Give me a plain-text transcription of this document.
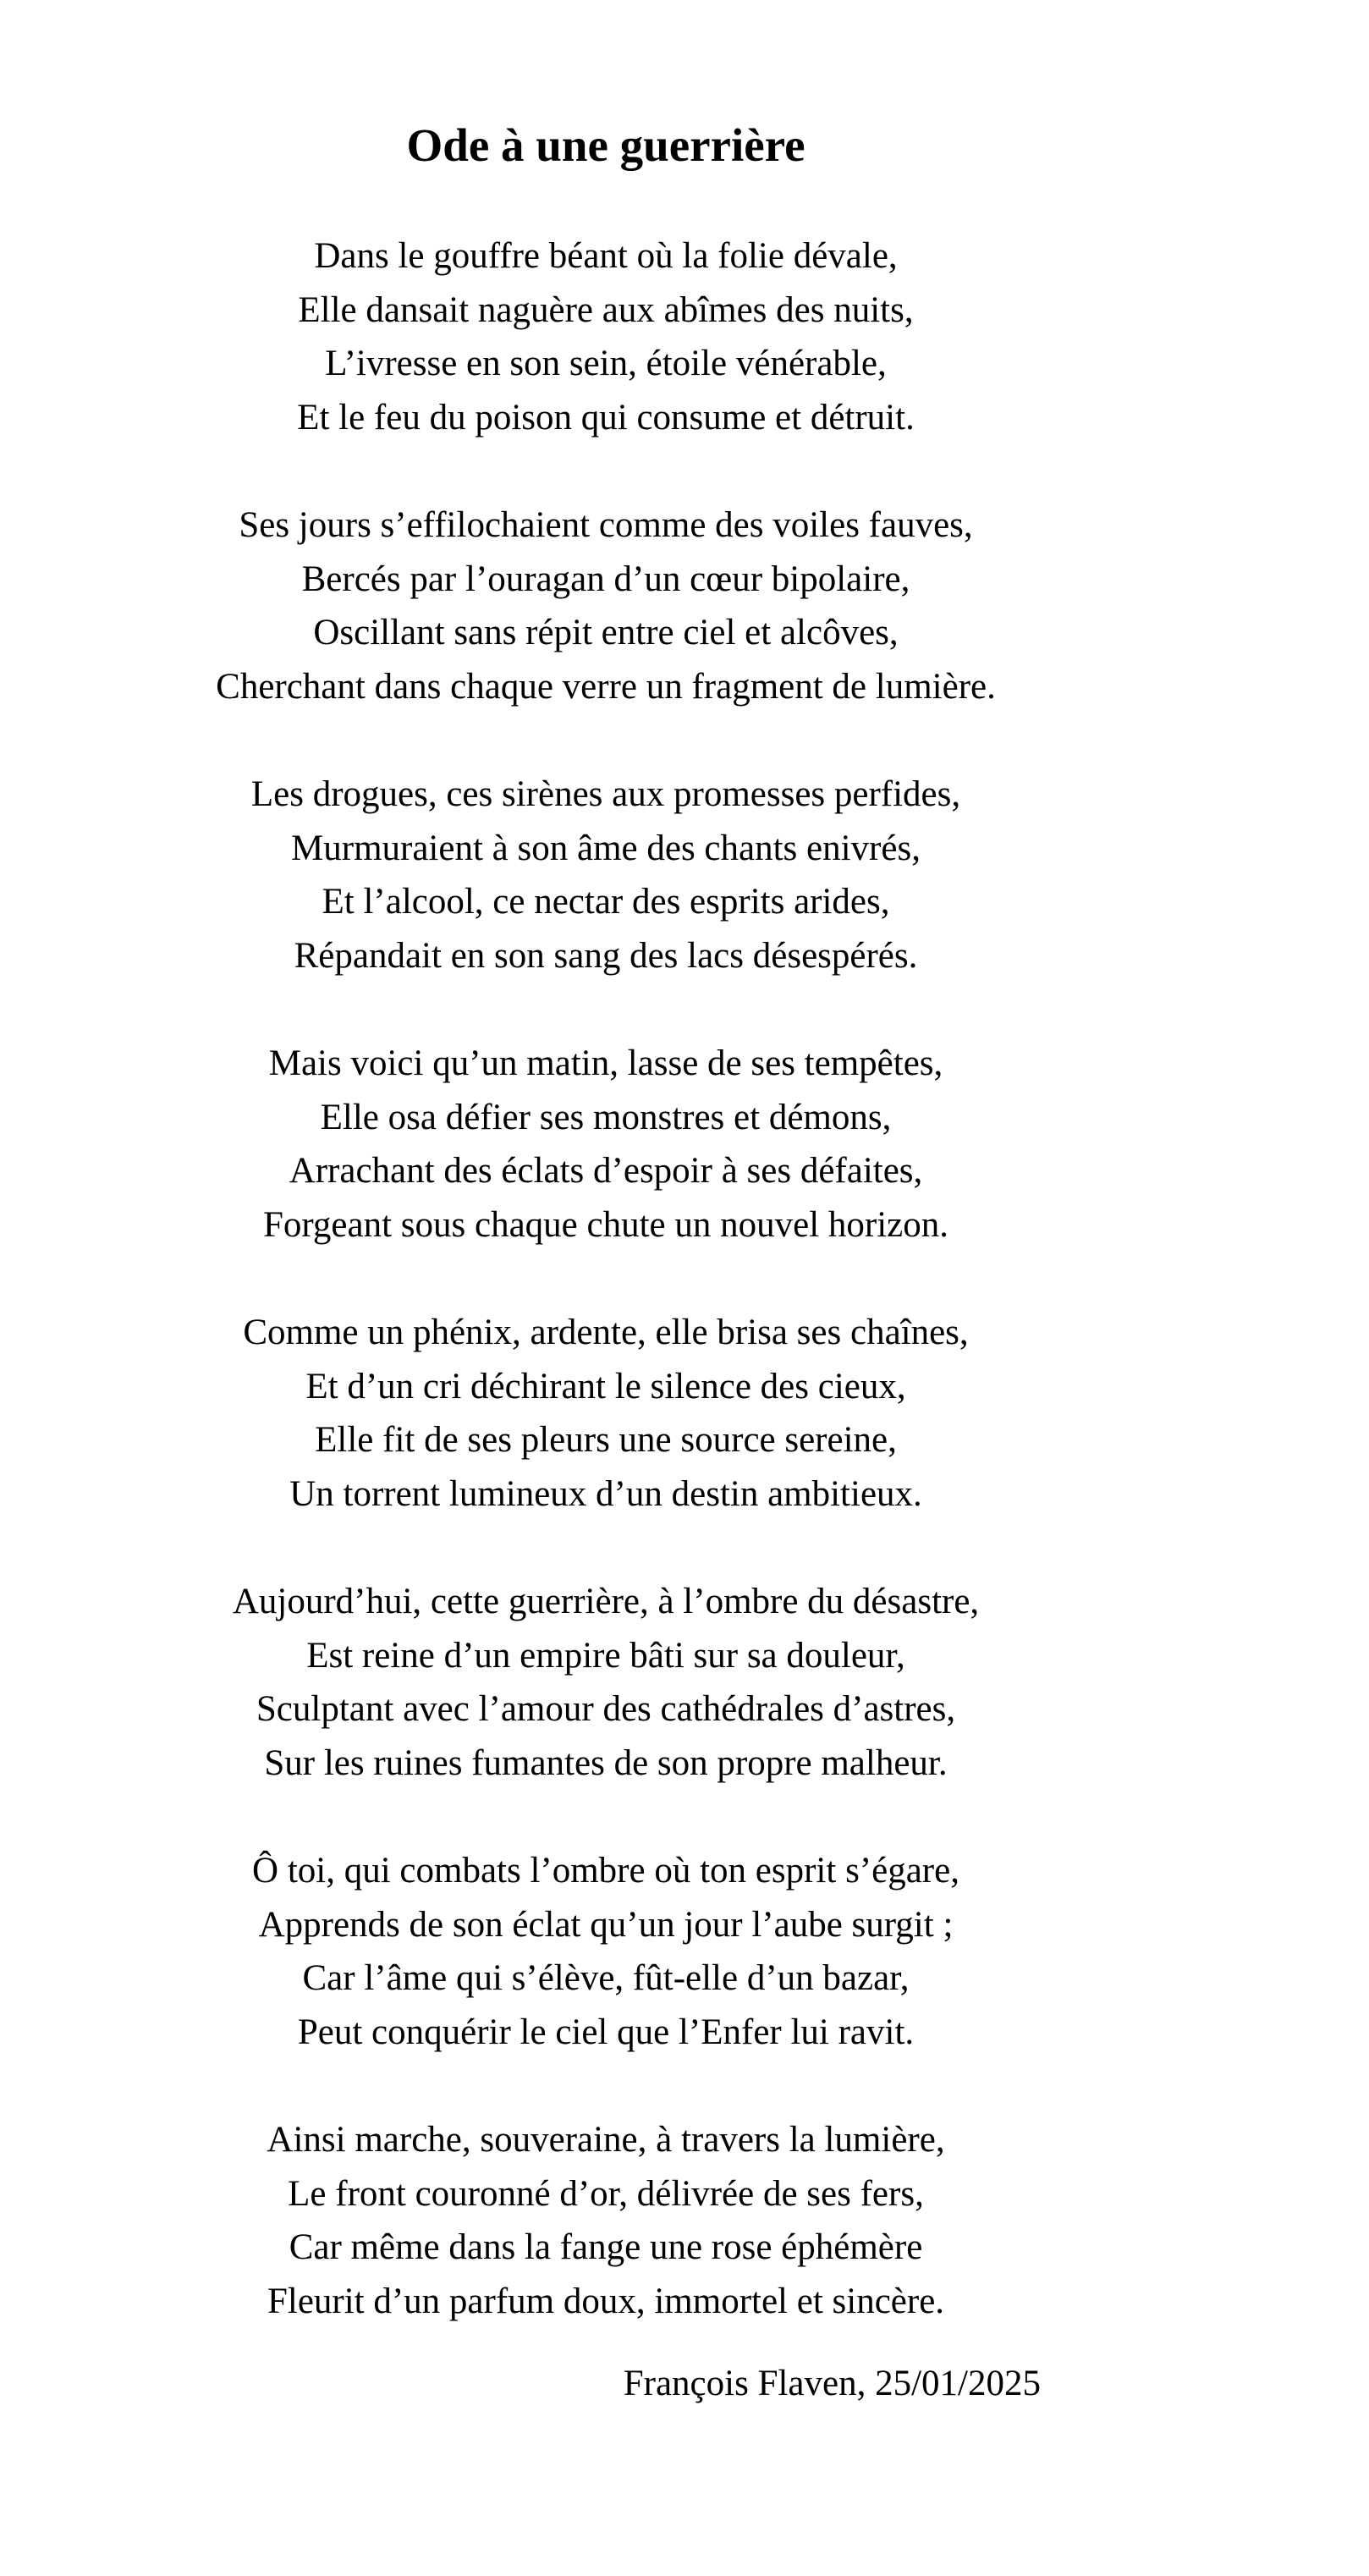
Ode à une guerrière
Dans le gouffre béant où la folie dévale,
Elle dansait naguère aux abîmes des nuits,
L’ivresse en son sein, étoile vénérable,
Et le feu du poison qui consume et détruit.
Ses jours s’effilochaient comme des voiles fauves,
Bercés par l’ouragan d’un cœur bipolaire,
Oscillant sans répit entre ciel et alcôves,
Cherchant dans chaque verre un fragment de lumière.
Les drogues, ces sirènes aux promesses perfides,
Murmuraient à son âme des chants enivrés,
Et l’alcool, ce nectar des esprits arides,
Répandait en son sang des lacs désespérés.
Mais voici qu’un matin, lasse de ses tempêtes,
Elle osa défier ses monstres et démons,
Arrachant des éclats d’espoir à ses défaites,
Forgeant sous chaque chute un nouvel horizon.
Comme un phénix, ardente, elle brisa ses chaînes,
Et d’un cri déchirant le silence des cieux,
Elle fit de ses pleurs une source sereine,
Un torrent lumineux d’un destin ambitieux.
Aujourd’hui, cette guerrière, à l’ombre du désastre,
Est reine d’un empire bâti sur sa douleur,
Sculptant avec l’amour des cathédrales d’astres,
Sur les ruines fumantes de son propre malheur.
Ô toi, qui combats l’ombre où ton esprit s’égare,
Apprends de son éclat qu’un jour l’aube surgit ;
Car l’âme qui s’élève, fût-elle d’un bazar,
Peut conquérir le ciel que l’Enfer lui ravit.
Ainsi marche, souveraine, à travers la lumière,
Le front couronné d’or, délivrée de ses fers,
Car même dans la fange une rose éphémère
Fleurit d’un parfum doux, immortel et sincère.
François Flaven, 25/01/2025
